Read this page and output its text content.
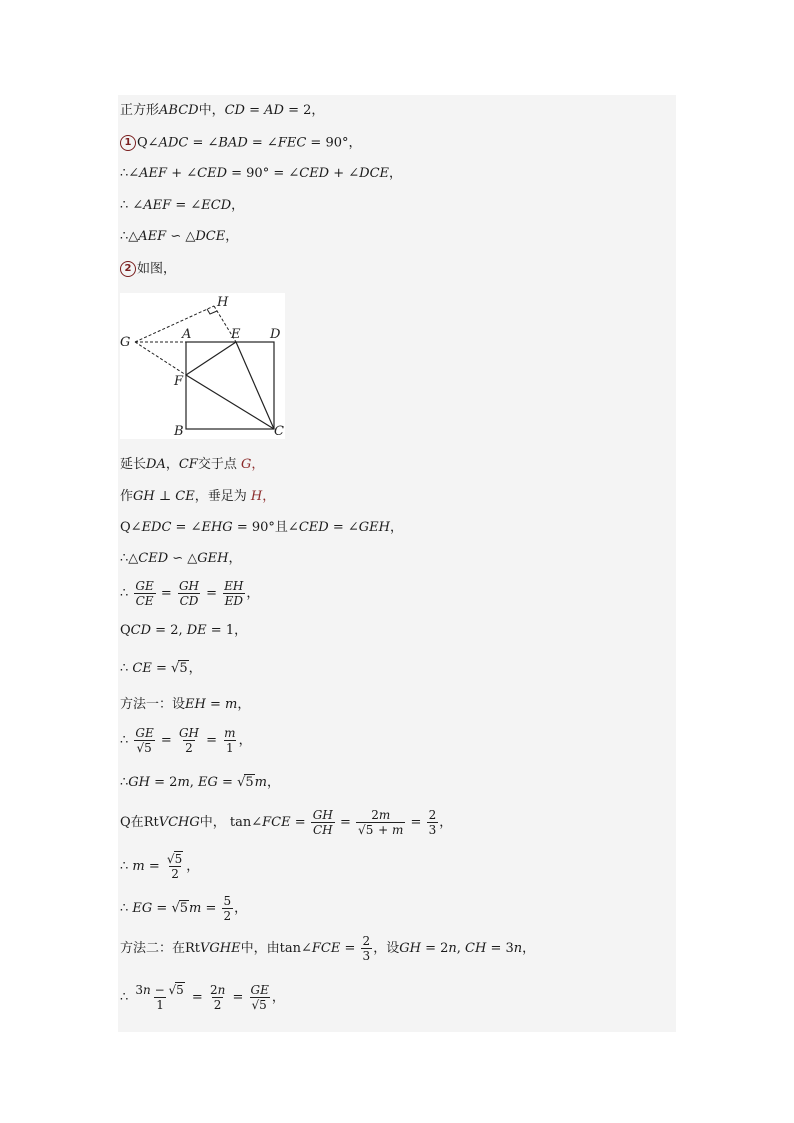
正方形ABCD中，CD = AD = 2，
1 Q∠ADC = ∠BAD = ∠FEC = 90°，
∴∠AEF + ∠CED = 90° = ∠CED + ∠DCE，
∴ ∠AEF = ∠ECD，
∴△AEF ∽ △DCE，
2 如图，
H
G
A	E D
F
B	C
延长DA，CF交于点 G，
作GH ⊥ CE，垂足为 H，
Q∠EDC = ∠EHG = 90°且∠CED = ∠GEH，
∴△CED ∽ △GEH，
∴ $\frac{GE}{CE} = \frac{GH}{CD} = \frac{EH}{ED}$ ，
QCD = 2, DE = 1，
∴ CE = √5，
方法一：设EH = m，
∴ $\frac{GE}{√5} = \frac{GH}{2} = \frac{m}{1}$ ，
∴GH = 2m, EG = √5m，
Q在RtVCHG中， tan∠FCE = $\frac{GH}{CH} = \frac{2m}{√5 + m} = \frac{2}{3}$ ，
∴ $m = \frac{√5}{2}$ ，
∴ EG = $√5m = \frac{5}{2}$ ，
方法二：在RtVGHE中，由tan∠FCE = $\frac{2}{3}$ ，设GH = 2n, CH = 3n，
∴ $\frac{3n - √5}{1} = \frac{2n}{2} = \frac{GE}{√5}$ ，
